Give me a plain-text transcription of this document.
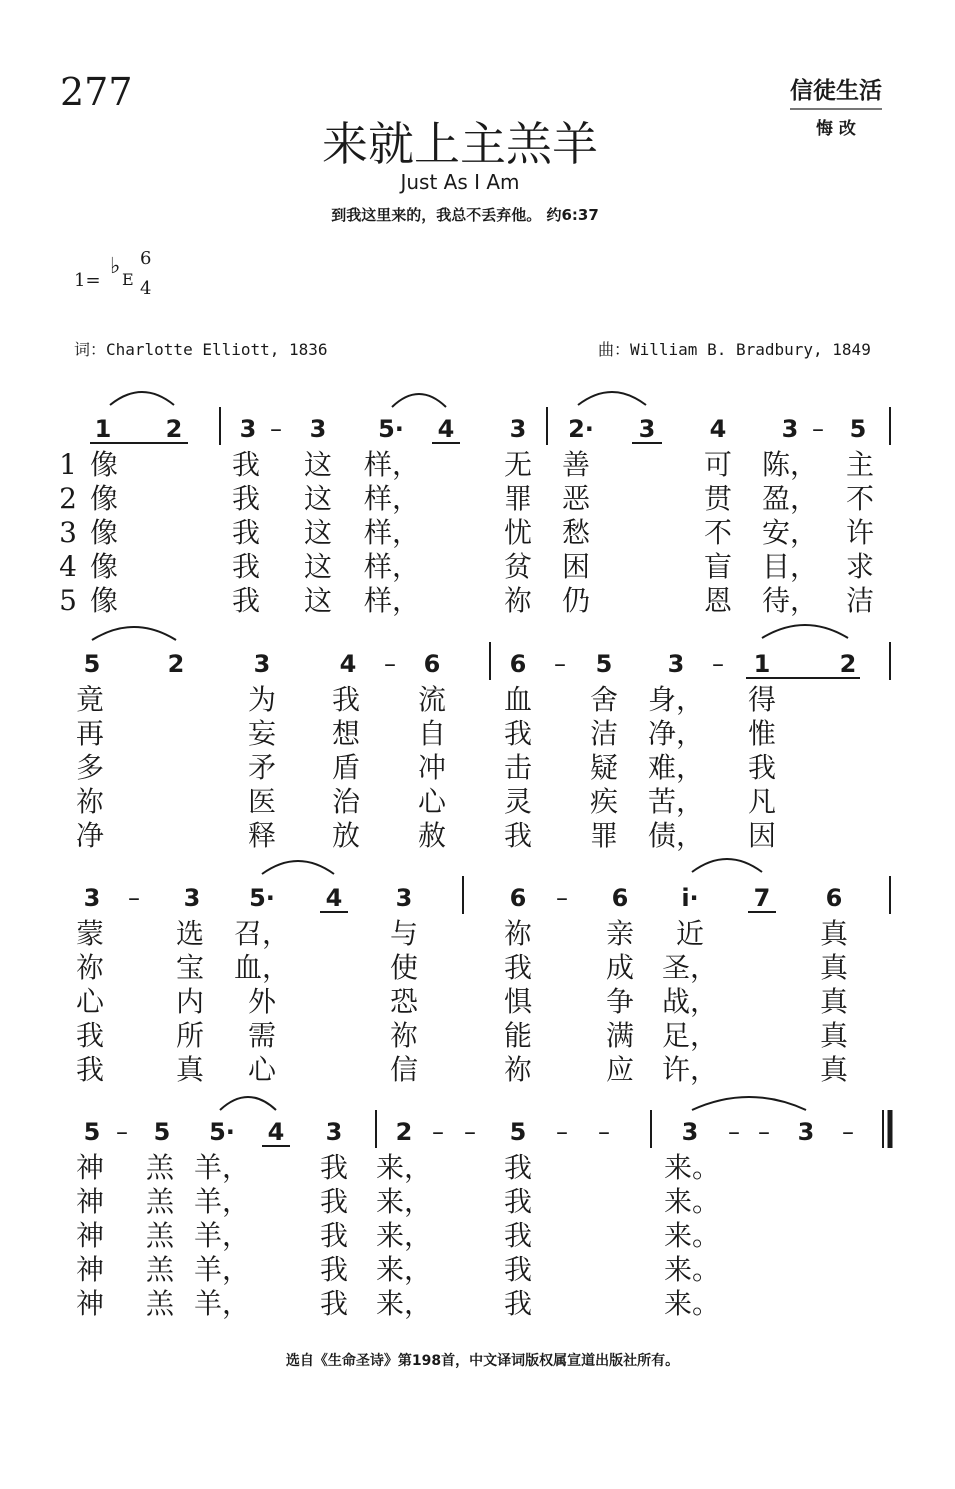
277	信徒生活
悔 改
来就上主羔羊
Just As I Am
到我这里来的，我总不丢弃他。 约6:37
1=
♭
E
6
4
词：Charlotte Elliott, 1836	曲：William B. Bradbury, 1849
1 2 3 – 3 5· 4 3 2· 3 4 3 – 5
1 像	我 这 样，	无 善	可 陈， 主
2 像	我 这 样，	罪 恶	贯 盈， 不
3 像	我 这 样，	忧 愁	不 安， 许
4 像	我 这 样，	贫 困	盲 目， 求
5 像	我 这 样，	祢 仍	恩 待， 洁
5	2	3	4 – 6	6 – 5 3 – 1	2
竟	为 我 流 血 舍 身， 得
再	妄 想 自 我 洁 净， 惟
多	矛 盾 冲 击 疑 难， 我
祢	医 治 心 灵 疾 苦， 凡
净	释 放 赦 我 罪 债， 因
3 – 3 5· 4 3	6 – 6 i· 7 6
蒙	选 召，	与	祢	亲 近	真
祢	宝 血，	使	我	成 圣，	真
心	内 外	恐	惧	争 战，	真
我	所 需	祢	能	满 足，	真
我	真 心	信	祢	应 许，	真
5 – 5 5· 4 3 2 – – 5 – –	3 – – 3 –
神 羔 羊， 我 来，	我	来。
神 羔 羊， 我 来，	我	来。
神 羔 羊， 我 来，	我	来。
神 羔 羊， 我 来，	我	来。
神 羔 羊， 我 来，	我	来。
选自《生命圣诗》第198首，中文译词版权属宣道出版社所有。
